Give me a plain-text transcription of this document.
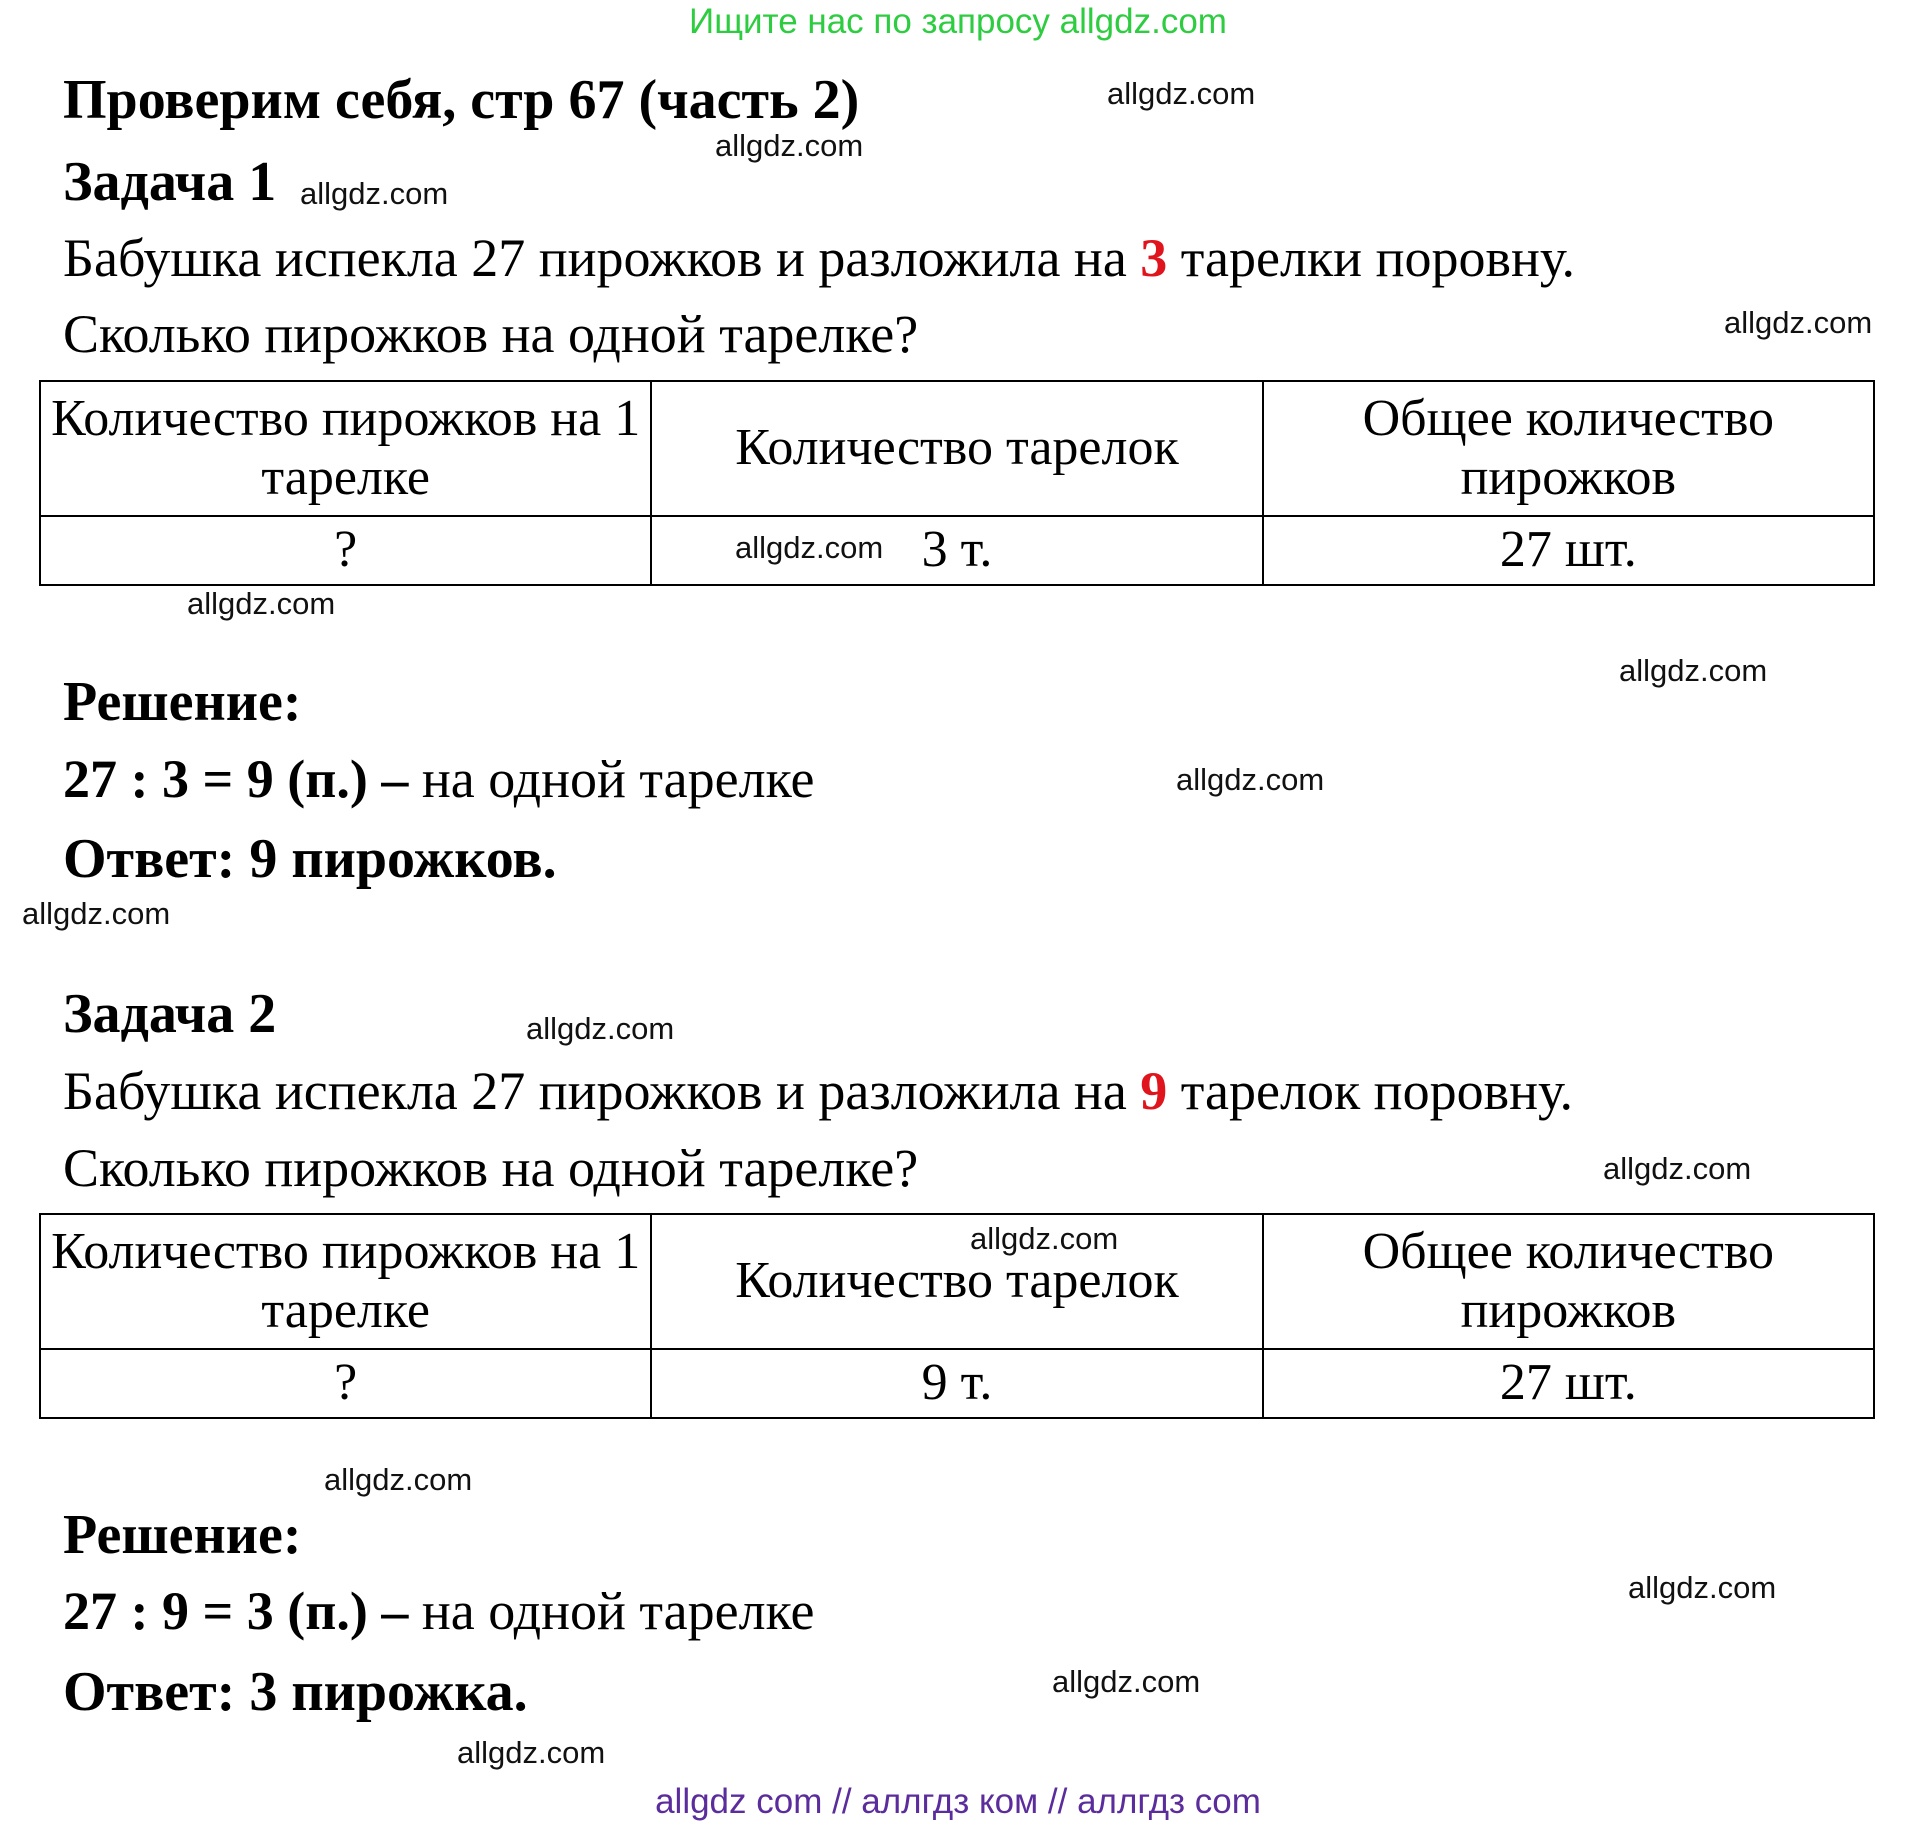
Ищите нас по запросу allgdz.com
Проверим себя, стр 67 (часть 2)
Задача 1
Бабушка испекла 27 пирожков и разложила на 3 тарелки поровну.
Сколько пирожков на одной тарелке?
Количество пирожков на 1 тарелке	Количество тарелок	Общее количество пирожков
?	3 т.	27 шт.
Решение:
27 : 3 = 9 (п.) – на одной тарелке
Ответ: 9 пирожков.
Задача 2
Бабушка испекла 27 пирожков и разложила на 9 тарелок поровну.
Сколько пирожков на одной тарелке?
Количество пирожков на 1 тарелке	Количество тарелок	Общее количество пирожков
?	9 т.	27 шт.
Решение:
27 : 9 = 3 (п.) – на одной тарелке
Ответ: 3 пирожка.
allgdz.com
allgdz.com
allgdz.com
allgdz.com
allgdz.com
allgdz.com
allgdz.com
allgdz.com
allgdz.com
allgdz.com
allgdz.com
allgdz.com
allgdz.com
allgdz.com
allgdz.com
allgdz.com
allgdz com // аллгдз ком // аллгдз com
